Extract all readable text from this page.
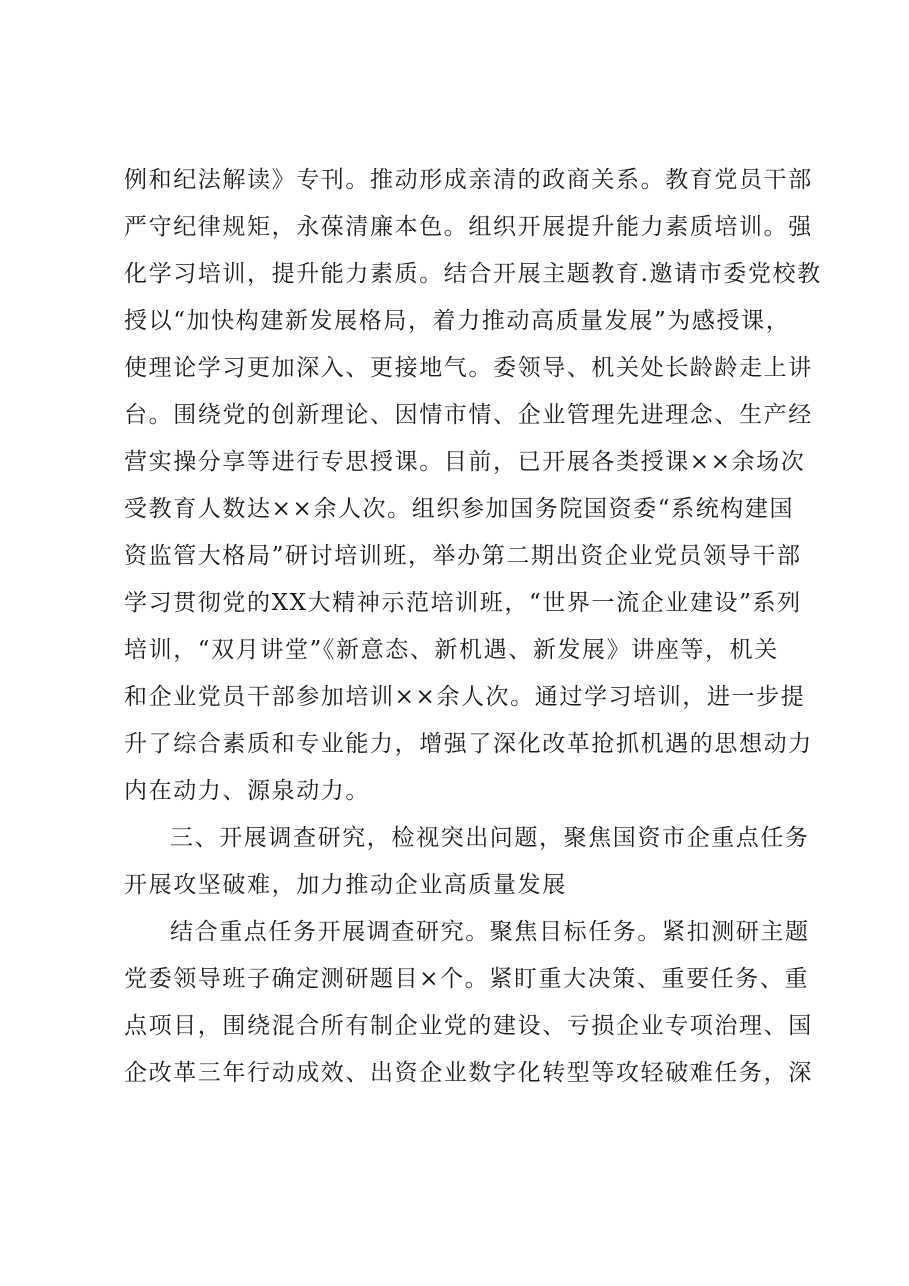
例和纪法解读》专刊。推动形成亲清的政商关系。教育党员干部
严守纪律规矩，永葆清廉本色。组织开展提升能力素质培训。强
化学习培训，提升能力素质。结合开展主题教育.邀请市委党校教
授以“加快构建新发展格局，着力推动高质量发展”为感授课，
使理论学习更加深入、更接地气。委领导、机关处长龄龄走上讲
台。围绕党的创新理论、因情市情、企业管理先进理念、生产经
营实操分享等进行专思授课。目前，已开展各类授课××余场次
受教育人数达××余人次。组织参加国务院国资委“系统构建国
资监管大格局”研讨培训班，举办第二期出资企业党员领导干部
学习贯彻党的XX大精神示范培训班，“世界一流企业建设”系列
培训，“双月讲堂”《新意态、新机遇、新发展》讲座等，机关
和企业党员干部参加培训××余人次。通过学习培训，进一步提
升了综合素质和专业能力，增强了深化改革抢抓机遇的思想动力
内在动力、源泉动力。
三、开展调查研究，检视突出问题，聚焦国资市企重点任务
开展攻坚破难，加力推动企业高质量发展
结合重点任务开展调查研究。聚焦目标任务。紧扣测研主题
党委领导班子确定测研题目×个。紧盯重大决策、重要任务、重
点项目，围绕混合所有制企业党的建设、亏损企业专项治理、国
企改革三年行动成效、出资企业数字化转型等攻轻破难任务，深
